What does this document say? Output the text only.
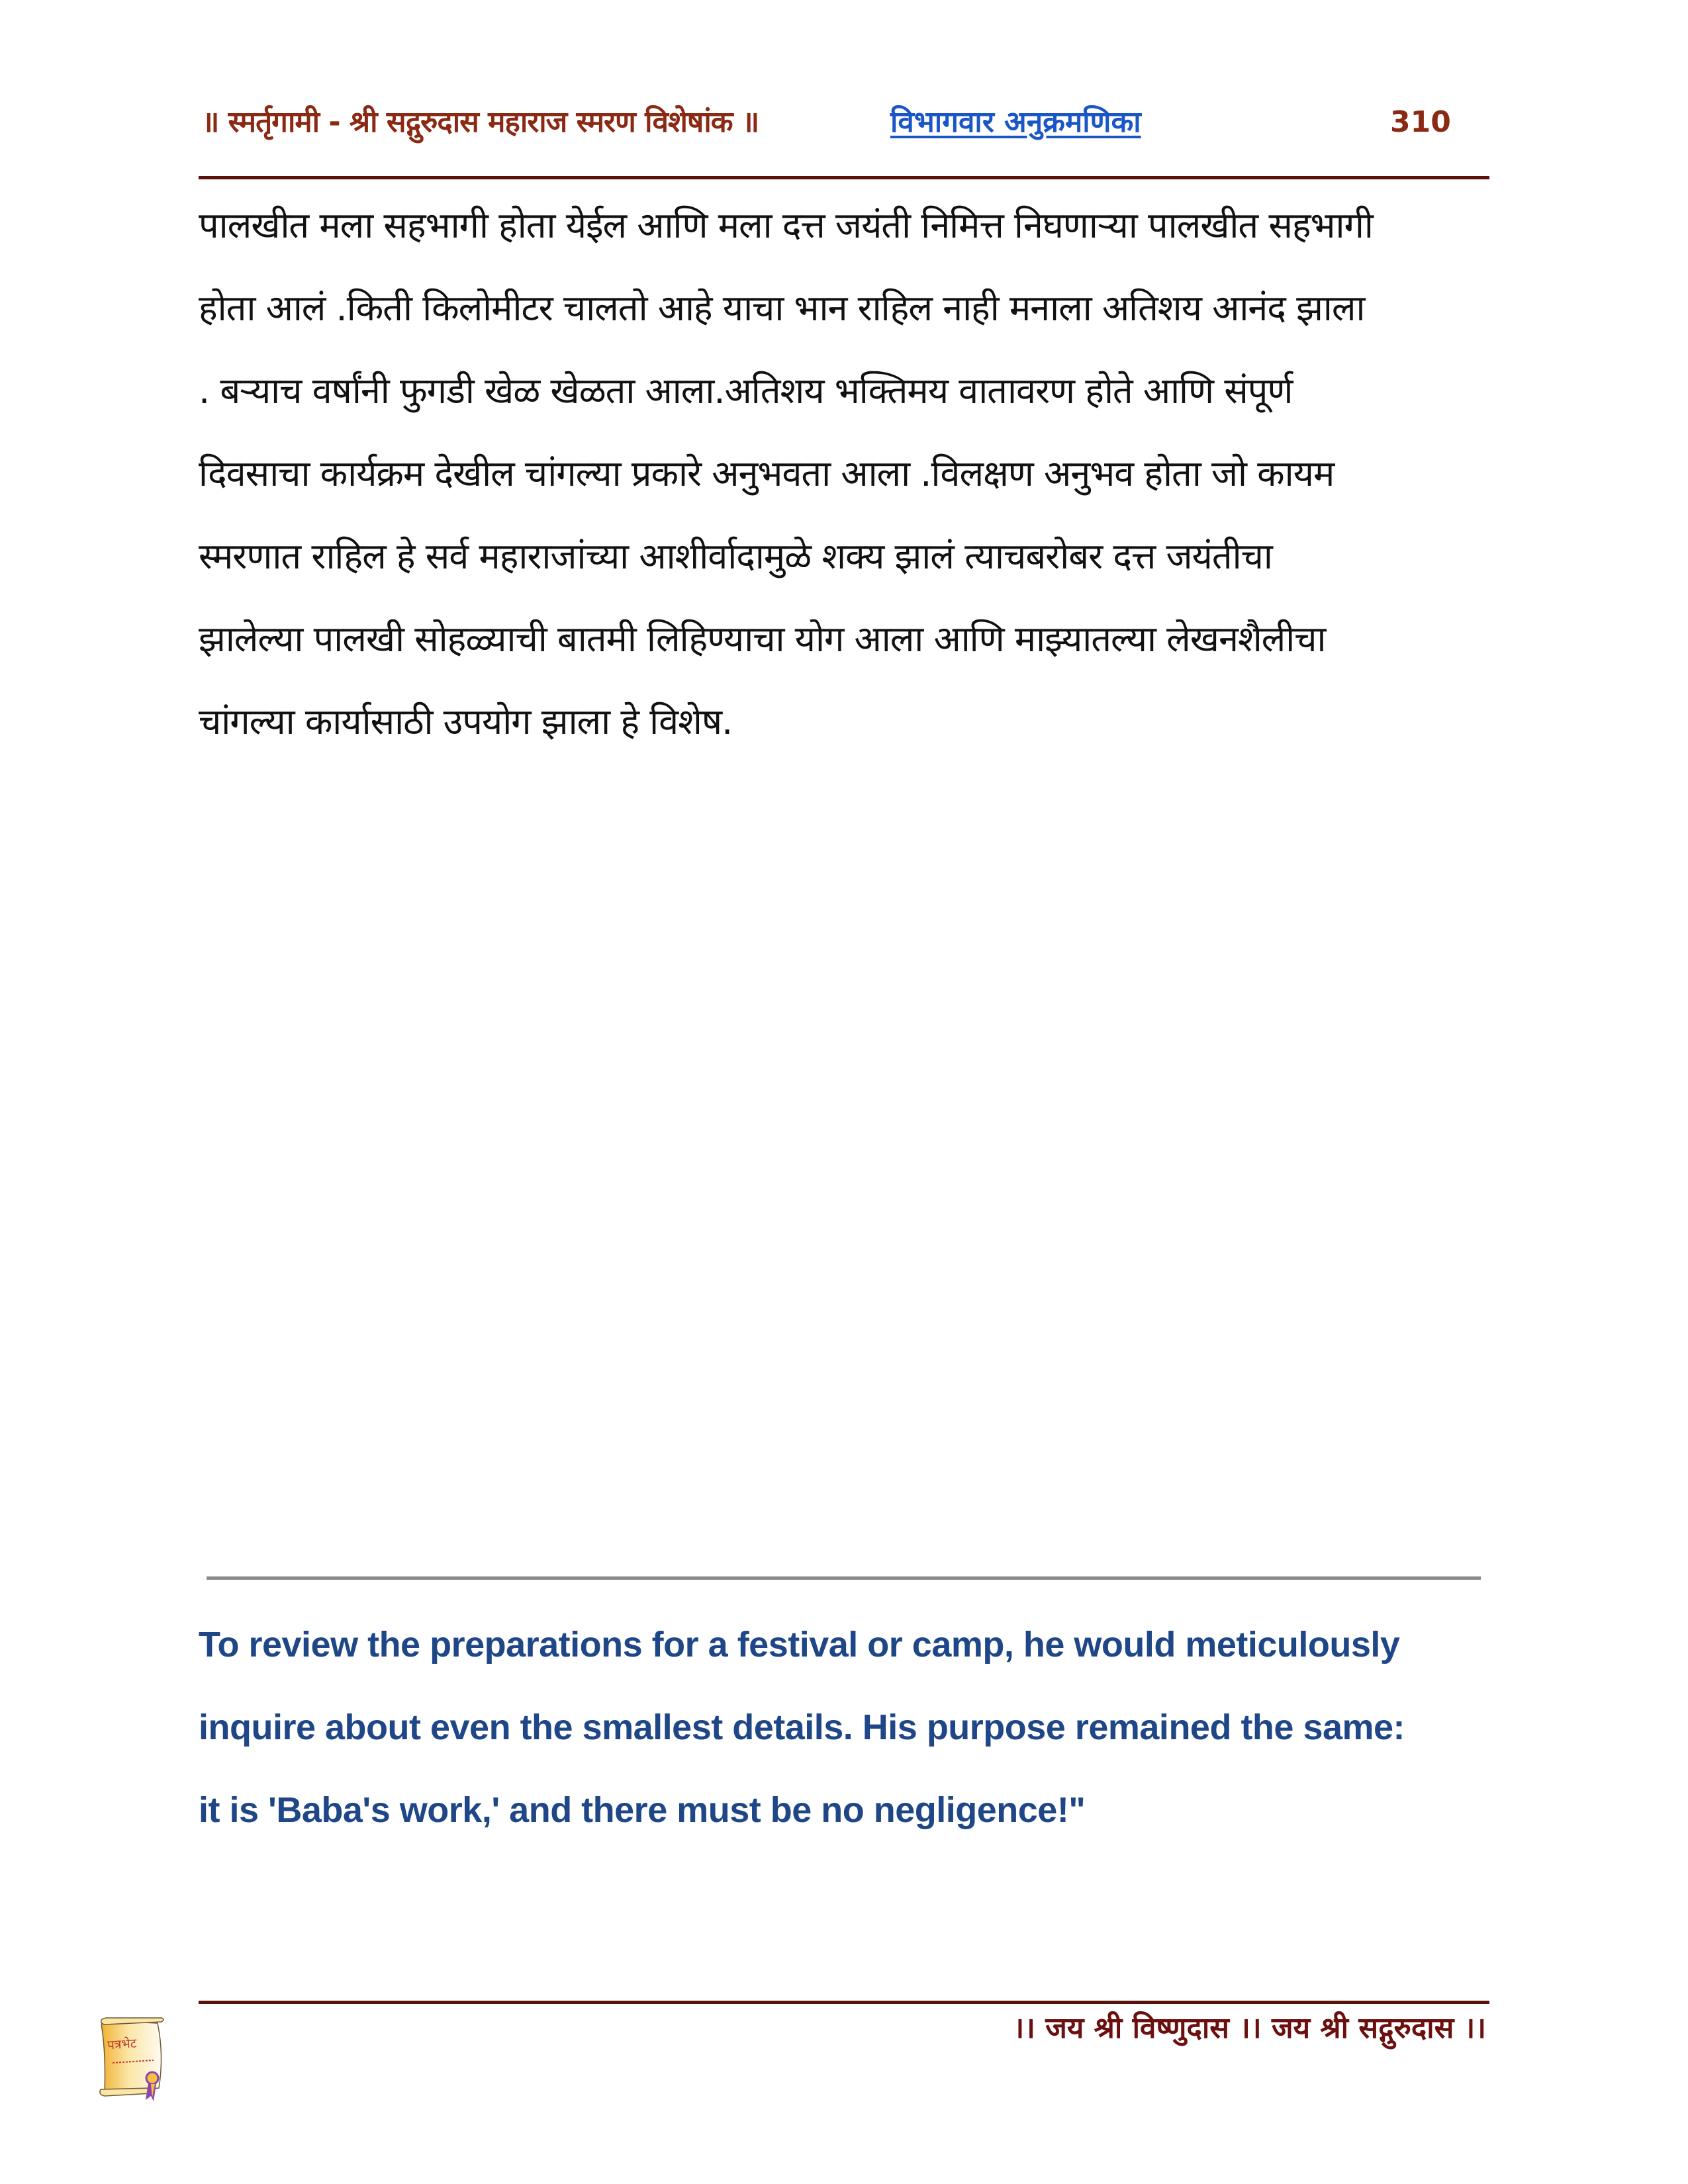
॥ स्मर्तृगामी - श्री सद्गुरुदास महाराज स्मरण विशेषांक ॥	विभागवार अनुक्रमणिका	310
पालखीत मला सहभागी होता येईल आणि मला दत्त जयंती निमित्त निघणाऱ्या पालखीत सहभागी
होता आलं .किती किलोमीटर चालतो आहे याचा भान राहिल नाही मनाला अतिशय आनंद झाला
. बऱ्याच वर्षांनी फुगडी खेळ खेळता आला.अतिशय भक्तिमय वातावरण होते आणि संपूर्ण
दिवसाचा कार्यक्रम देखील चांगल्या प्रकारे अनुभवता आला .विलक्षण अनुभव होता जो कायम
स्मरणात राहिल हे सर्व महाराजांच्या आशीर्वादामुळे शक्य झालं त्याचबरोबर दत्त जयंतीचा
झालेल्या पालखी सोहळ्याची बातमी लिहिण्याचा योग आला आणि माझ्यातल्या लेखनशैलीचा
चांगल्या कार्यासाठी उपयोग झाला हे विशेष.
To review the preparations for a festival or camp, he would meticulously
inquire about even the smallest details. His purpose remained the same:
it is 'Baba's work,' and there must be no negligence!"
पत्रभेट	।। जय श्री विष्णुदास ।। जय श्री सद्गुरुदास ।।
